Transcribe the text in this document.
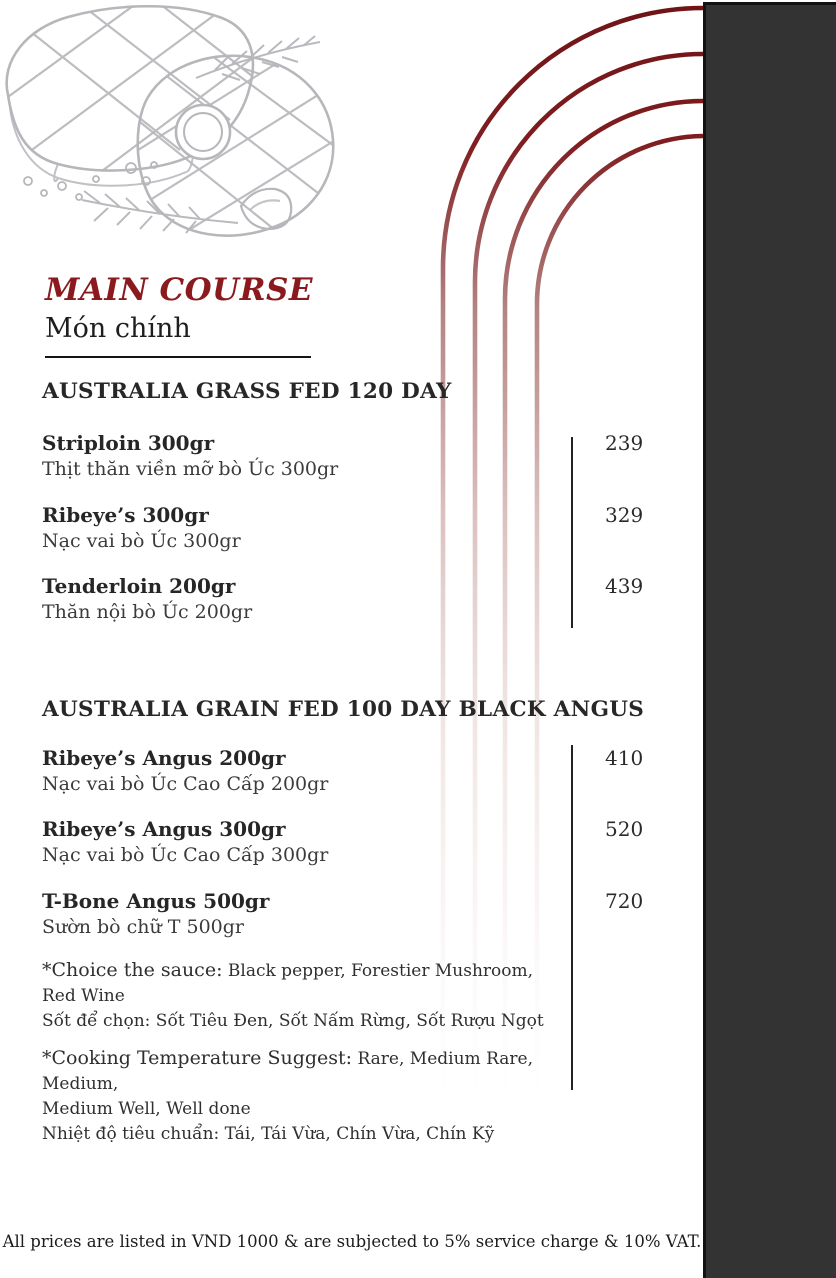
MAIN COURSE
Món chính
AUSTRALIA GRASS FED 120 DAY
Striploin 300gr
Thịt thăn viền mỡ bò Úc 300gr
239
Ribeye’s 300gr
Nạc vai bò Úc 300gr
329
Tenderloin 200gr
Thăn nội bò Úc 200gr
439
AUSTRALIA GRAIN FED 100 DAY BLACK ANGUS
Ribeye’s Angus 200gr
Nạc vai bò Úc Cao Cấp 200gr
410
Ribeye’s Angus 300gr
Nạc vai bò Úc Cao Cấp 300gr
520
T-Bone Angus 500gr
Sườn bò chữ T 500gr
720

*Choice the sauce: Black pepper, Forestier Mushroom, Red Wine

Sốt để chọn: Sốt Tiêu Đen, Sốt Nấm Rừng, Sốt Rượu Ngọt

*Cooking Temperature Suggest: Rare, Medium Rare, Medium,

Medium Well, Well done

Nhiệt độ tiêu chuẩn: Tái, Tái Vừa, Chín Vừa, Chín Kỹ

All prices are listed in VND 1000 & are subjected to 5% service charge & 10% VAT.
